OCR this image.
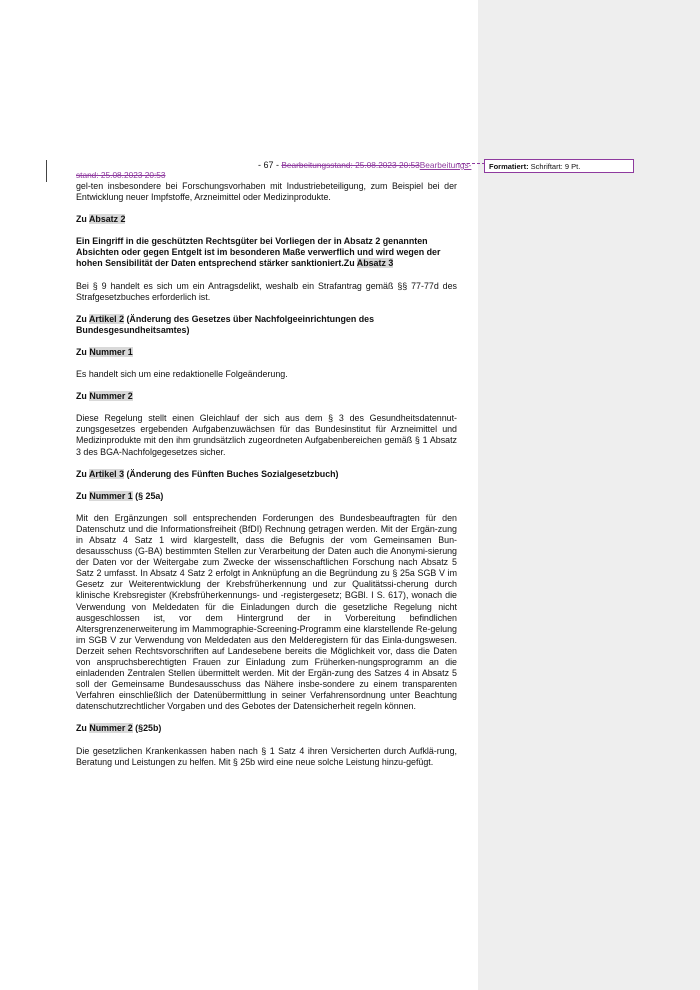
- 67 - Bearbeitungsstand: 25.08.2023 20:53Bearbeitungs-
stand: 25.08.2023 20:53
Formatiert: Schriftart: 9 Pt.

gel-ten insbesondere bei Forschungsvorhaben mit Industriebeteiligung, zum Beispiel bei der Entwicklung neuer Impfstoffe, Arzneimittel oder Medizinprodukte.

Zu Absatz 2
Ein Eingriff in die geschützten Rechtsgüter bei Vorliegen der in Absatz 2 genannten Absichten oder gegen Entgelt ist im besonderen Maße verwerflich und wird wegen der hohen Sensibilität der Daten entsprechend stärker sanktioniert.Zu Absatz 3

Bei § 9 handelt es sich um ein Antragsdelikt, weshalb ein Strafantrag gemäß §§ 77-77d des Strafgesetzbuches erforderlich ist.

Zu Artikel 2 (Änderung des Gesetzes über Nachfolgeeinrichtungen des Bundesgesundheitsamtes)
Zu Nummer 1

Es handelt sich um eine redaktionelle Folgeänderung.

Zu Nummer 2

Diese Regelung stellt einen Gleichlauf der sich aus dem § 3 des Gesundheitsdatennut-zungsgesetzes ergebenden Aufgabenzuwächsen für das Bundesinstitut für Arzneimittel und Medizinprodukte mit den ihm grundsätzlich zugeordneten Aufgabenbereichen gemäß § 1 Absatz 3 des BGA-Nachfolgegesetzes sicher.

Zu Artikel 3 (Änderung des Fünften Buches Sozialgesetzbuch)
Zu Nummer 1 (§ 25a)

Mit den Ergänzungen soll entsprechenden Forderungen des Bundesbeauftragten für den Datenschutz und die Informationsfreiheit (BfDI) Rechnung getragen werden. Mit der Ergän-zung in Absatz 4 Satz 1 wird klargestellt, dass die Befugnis der vom Gemeinsamen Bun-desausschuss (G-BA) bestimmten Stellen zur Verarbeitung der Daten auch die Anonymi-sierung der Daten vor der Weitergabe zum Zwecke der wissenschaftlichen Forschung nach Absatz 5 Satz 2 umfasst. In Absatz 4 Satz 2 erfolgt in Anknüpfung an die Begründung zu § 25a SGB V im Gesetz zur Weiterentwicklung der Krebsfrüherkennung und zur Qualitätssi-cherung durch klinische Krebsregister (Krebsfrüherkennungs- und -registergesetz; BGBl. I S. 617), wonach die Verwendung von Meldedaten für die Einladungen durch die gesetzliche Regelung nicht ausgeschlossen ist, vor dem Hintergrund der in Vorbereitung befindlichen Altersgrenzenerweiterung im Mammographie-Screening-Programm eine klarstellende Re-gelung im SGB V zur Verwendung von Meldedaten aus den Melderegistern für das Einla-dungswesen. Derzeit sehen Rechtsvorschriften auf Landesebene bereits die Möglichkeit vor, dass die Daten von anspruchsberechtigten Frauen zur Einladung zum Früherken-nungsprogramm an die einladenden Zentralen Stellen übermittelt werden. Mit der Ergän-zung des Satzes 4 in Absatz 5 soll der Gemeinsame Bundesausschuss das Nähere insbe-sondere zu einem transparenten Verfahren einschließlich der Datenübermittlung in seiner Verfahrensordnung unter Beachtung datenschutzrechtlicher Vorgaben und des Gebotes der Datensicherheit regeln können.

Zu Nummer 2 (§25b)

Die gesetzlichen Krankenkassen haben nach § 1 Satz 4 ihren Versicherten durch Aufklä-rung, Beratung und Leistungen zu helfen. Mit § 25b wird eine neue solche Leistung hinzu-gefügt.
